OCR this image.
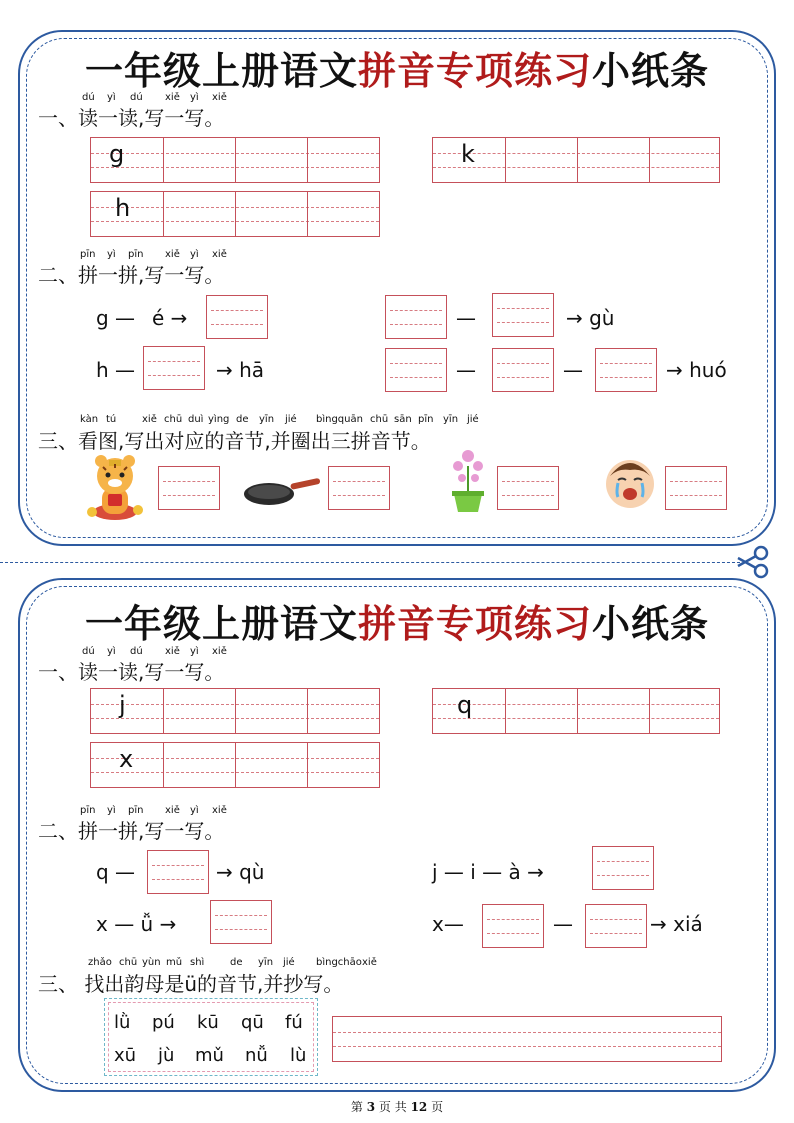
一年级上册语文拼音专项练习小纸条
一、读一读,写一写。
dú yì dú xiě yì xiě
g	k
h
二、拼一拼,写一写。
pīn yì pīn xiě yì xiě
g — é →	—	→ gù
h —	→ hā	—	—	→ huó
三、看图,写出对应的音节,并圈出三拼音节。
kàn tú	xiě chū duì yìng de yīn jié bìngquān chū sān pīn yīn jié
一年级上册语文拼音专项练习小纸条
一、读一读,写一写。
dú yì dú xiě yì xiě
j	q
x
二、拼一拼,写一写。
pīn yì pīn xiě yì xiě
q —	→ qù	j — i — à →
x — ǚ →	x—	—	→ xiá
三、 找出韵母是ü的音节,并抄写。
zhǎo chū yùn mǔ shì	de yīn jié bìngchāo xiě
lǜ pú kū qū fú
xū jù mǔ nǚ lù
第 3 页 共 12 页
